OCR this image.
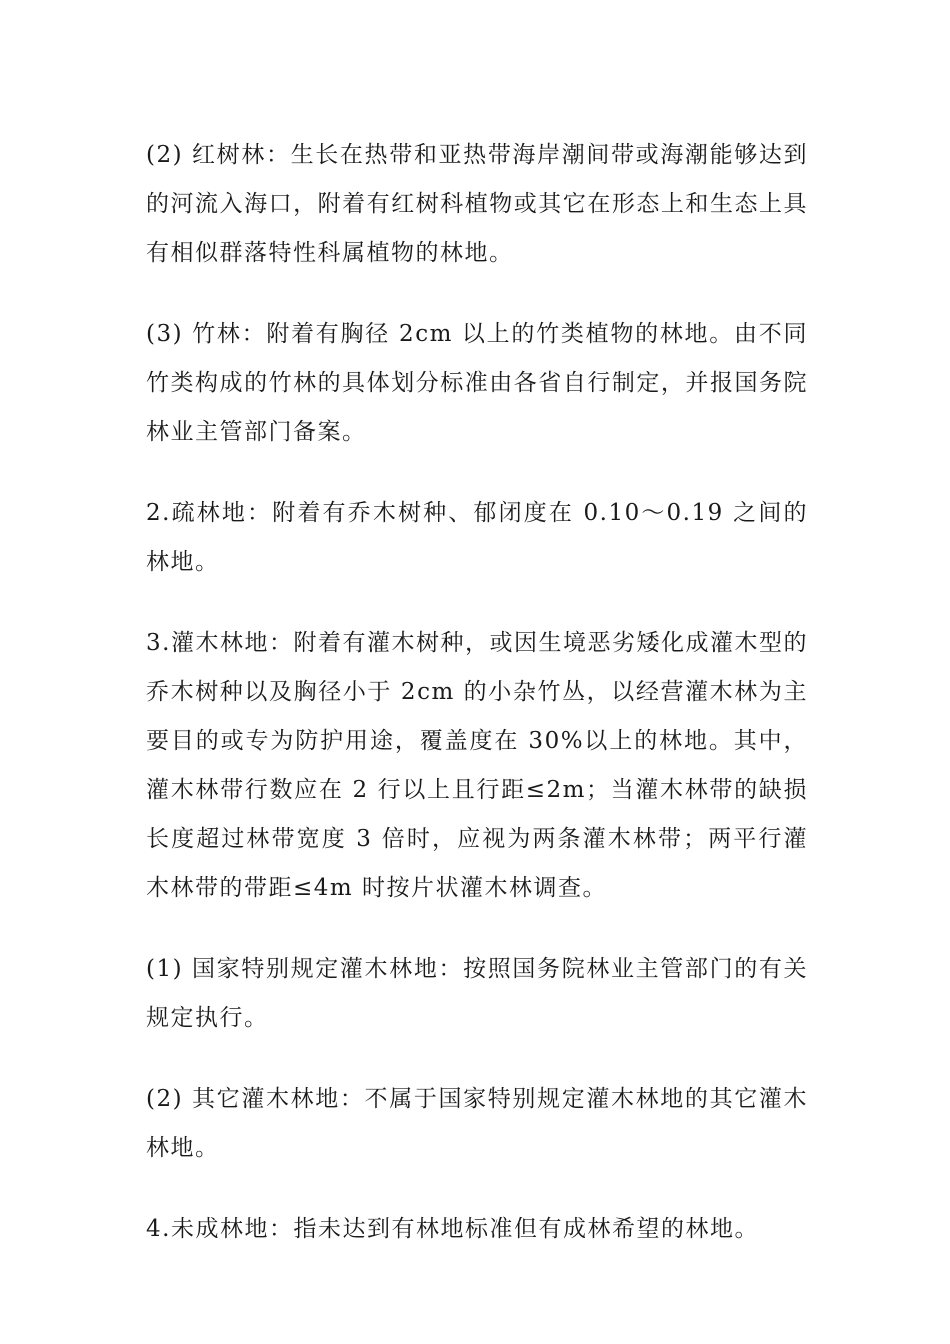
(2) 红树林：生长在热带和亚热带海岸潮间带或海潮能够达到的河流入海口，附着有红树科植物或其它在形态上和生态上具有相似群落特性科属植物的林地。

(3) 竹林：附着有胸径 2cm 以上的竹类植物的林地。由不同竹类构成的竹林的具体划分标准由各省自行制定，并报国务院林业主管部门备案。

2.疏林地：附着有乔木树种、郁闭度在 0.10～0.19 之间的林地。

3.灌木林地：附着有灌木树种，或因生境恶劣矮化成灌木型的乔木树种以及胸径小于 2cm 的小杂竹丛，以经营灌木林为主要目的或专为防护用途，覆盖度在 30%以上的林地。其中，灌木林带行数应在 2 行以上且行距≤2m；当灌木林带的缺损长度超过林带宽度 3 倍时，应视为两条灌木林带；两平行灌木林带的带距≤4m 时按片状灌木林调查。

(1) 国家特别规定灌木林地：按照国务院林业主管部门的有关规定执行。

(2) 其它灌木林地：不属于国家特别规定灌木林地的其它灌木林地。

4.未成林地：指未达到有林地标准但有成林希望的林地。
